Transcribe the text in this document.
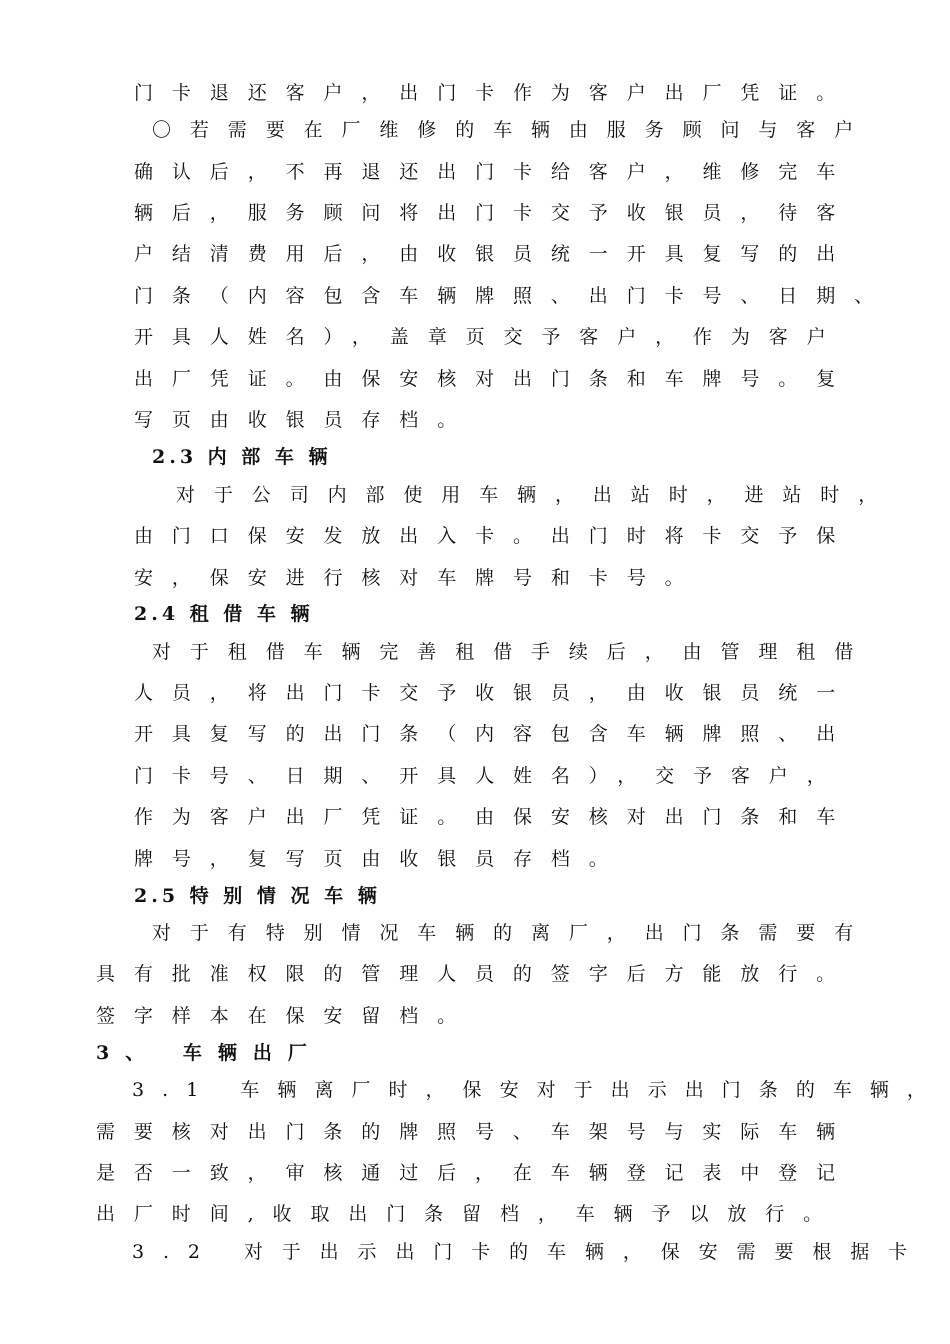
门卡退还客户，出门卡作为客户出厂凭证。
〇若需要在厂维修的车辆由服务顾问与客户
确认后，不再退还出门卡给客户，维修完车
辆后，服务顾问将出门卡交予收银员，待客
户结清费用后，由收银员统一开具复写的出
门条（内容包含车辆牌照、出门卡号、日期、
开具人姓名），盖章页交予客户，作为客户
出厂凭证。由保安核对出门条和车牌号。复
写页由收银员存档。
2.3 内 部 车 辆
对于公司内部使用车辆，出站时，进站时，
由门口保安发放出入卡。出门时将卡交予保
安，保安进行核对车牌号和卡号。
2.4 租 借 车 辆
对于租借车辆完善租借手续后，由管理租借
人员，将出门卡交予收银员，由收银员统一
开具复写的出门条（内容包含车辆牌照、出
门卡号、日期、开具人姓名），交予客户，
作为客户出厂凭证。由保安核对出门条和车
牌号，复写页由收银员存档。
2.5 特 别 情 况 车 辆
对于有特别情况车辆的离厂，出门条需要有
具有批准权限的管理人员的签字后方能放行。
签字样本在保安留档。
3、 车辆出厂
3.1 车辆离厂时，保安对于出示出门条的车辆，
需要核对出门条的牌照号、车架号与实际车辆
是否一致，审核通过后，在车辆登记表中登记
出厂时间,收取出门条留档，车辆予以放行。
3.2 对于出示出门卡的车辆，保安需要根据卡
